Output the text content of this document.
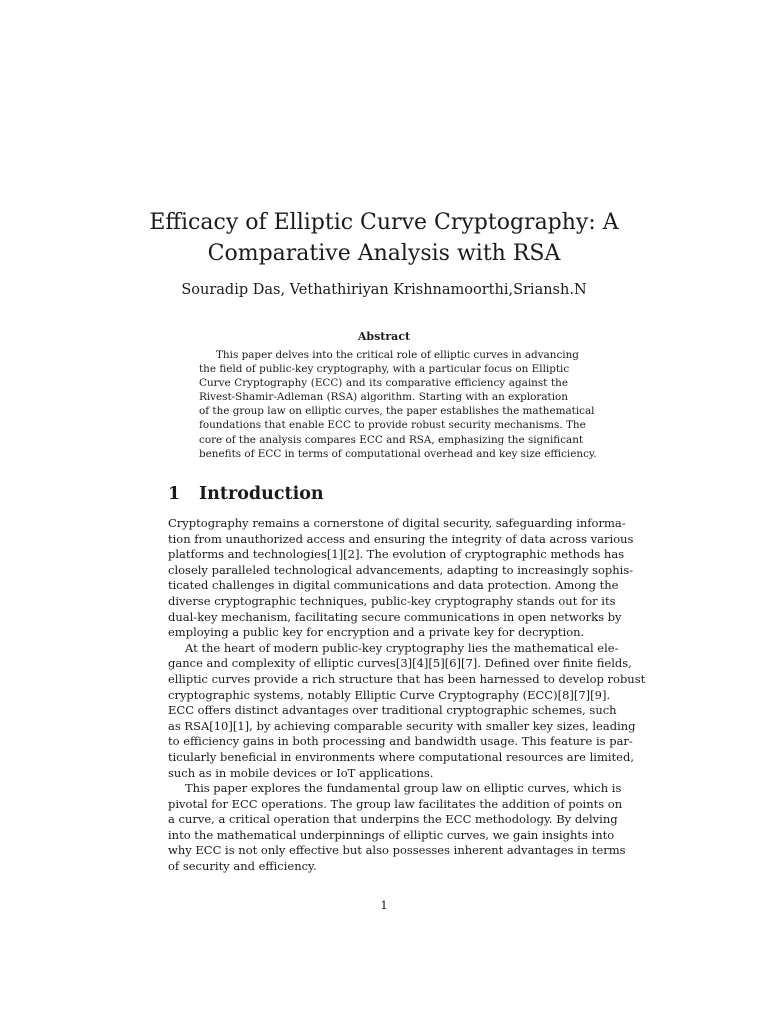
Efficacy of Elliptic Curve Cryptography: A
Comparative Analysis with RSA
Souradip Das, Vethathiriyan Krishnamoorthi,Sriansh.N
Abstract
This paper delves into the critical role of elliptic curves in advancing
the field of public-key cryptography, with a particular focus on Elliptic
Curve Cryptography (ECC) and its comparative efficiency against the
Rivest-Shamir-Adleman (RSA) algorithm. Starting with an exploration
of the group law on elliptic curves, the paper establishes the mathematical
foundations that enable ECC to provide robust security mechanisms. The
core of the analysis compares ECC and RSA, emphasizing the significant
benefits of ECC in terms of computational overhead and key size efficiency.
1 Introduction
Cryptography remains a cornerstone of digital security, safeguarding informa-
tion from unauthorized access and ensuring the integrity of data across various
platforms and technologies[1][2]. The evolution of cryptographic methods has
closely paralleled technological advancements, adapting to increasingly sophis-
ticated challenges in digital communications and data protection. Among the
diverse cryptographic techniques, public-key cryptography stands out for its
dual-key mechanism, facilitating secure communications in open networks by
employing a public key for encryption and a private key for decryption.
At the heart of modern public-key cryptography lies the mathematical ele-
gance and complexity of elliptic curves[3][4][5][6][7]. Defined over finite fields,
elliptic curves provide a rich structure that has been harnessed to develop robust
cryptographic systems, notably Elliptic Curve Cryptography (ECC)[8][7][9].
ECC offers distinct advantages over traditional cryptographic schemes, such
as RSA[10][1], by achieving comparable security with smaller key sizes, leading
to efficiency gains in both processing and bandwidth usage. This feature is par-
ticularly beneficial in environments where computational resources are limited,
such as in mobile devices or IoT applications.
This paper explores the fundamental group law on elliptic curves, which is
pivotal for ECC operations. The group law facilitates the addition of points on
a curve, a critical operation that underpins the ECC methodology. By delving
into the mathematical underpinnings of elliptic curves, we gain insights into
why ECC is not only effective but also possesses inherent advantages in terms
of security and efficiency.
1
